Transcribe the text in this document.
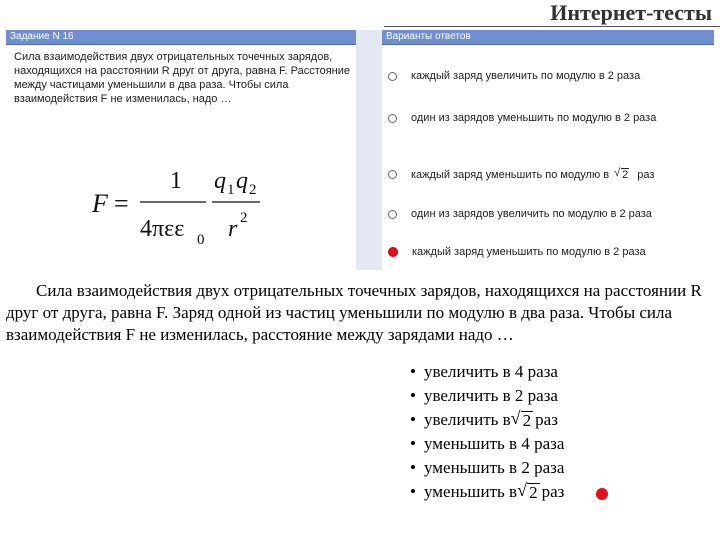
Интернет-тесты
Задание N 16
Сила взаимодействия двух отрицательных точечных зарядов, находящихся на расстоянии R друг от друга, равна F. Расстояние между частицами уменьшили в два раза. Чтобы сила взаимодействия F не изменилась, надо …
F =
1
4πεε 0
q 1 q 2
r 2
Варианты ответов
каждый заряд увеличить по модулю в 2 раза
один из зарядов уменьшить по модулю в 2 раза
каждый заряд уменьшить по модулю в √ 2 раз
один из зарядов увеличить по модулю в 2 раза
каждый заряд уменьшить по модулю в 2 раза
Сила взаимодействия двух отрицательных точечных зарядов, находящихся на расстоянии R друг от друга, равна F. Заряд одной из частиц уменьшили по модулю в два раза. Чтобы сила взаимодействия F не изменилась, расстояние между зарядами надо …
• увеличить в 4 раза
• увеличить в 2 раза
• увеличить в √ 2 раз
• уменьшить в 4 раза
• уменьшить в 2 раза
• уменьшить в √ 2 раз
